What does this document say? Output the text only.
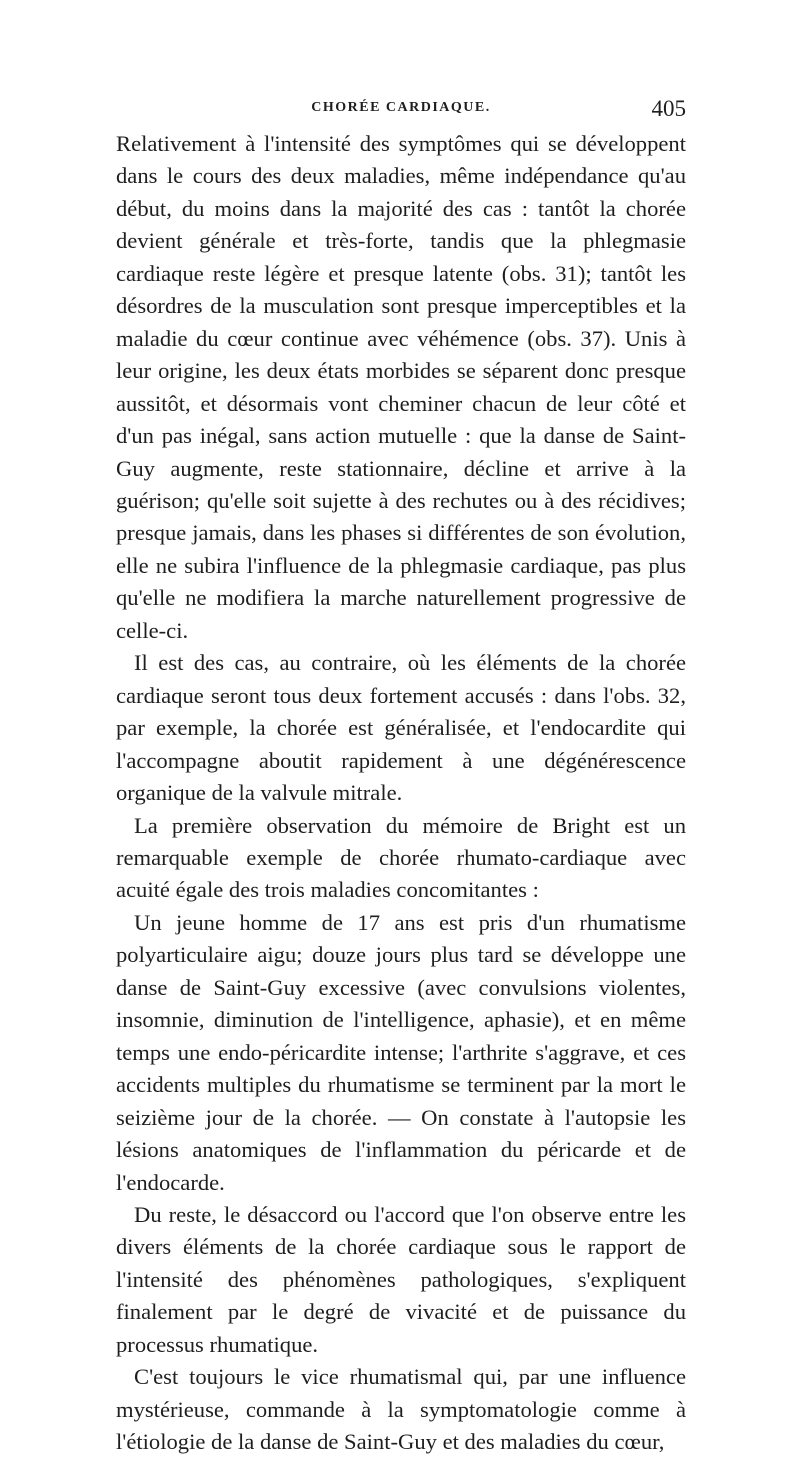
CHORÉE CARDIAQUE.	405

Relativement à l'intensité des symptômes qui se développent dans le cours des deux maladies, même indépendance qu'au début, du moins dans la majorité des cas : tantôt la chorée devient générale et très-forte, tandis que la phlegmasie cardiaque reste légère et presque latente (obs. 31); tantôt les désordres de la musculation sont presque imperceptibles et la maladie du cœur continue avec véhémence (obs. 37). Unis à leur origine, les deux états morbides se séparent donc presque aussitôt, et désormais vont cheminer chacun de leur côté et d'un pas inégal, sans action mutuelle : que la danse de Saint-Guy augmente, reste stationnaire, décline et arrive à la guérison; qu'elle soit sujette à des rechutes ou à des récidives; presque jamais, dans les phases si différentes de son évolution, elle ne subira l'influence de la phlegmasie cardiaque, pas plus qu'elle ne modifiera la marche naturellement progressive de celle-ci.

Il est des cas, au contraire, où les éléments de la chorée cardiaque seront tous deux fortement accusés : dans l'obs. 32, par exemple, la chorée est généralisée, et l'endocardite qui l'accompagne aboutit rapidement à une dégénérescence organique de la valvule mitrale.

La première observation du mémoire de Bright est un remarquable exemple de chorée rhumato-cardiaque avec acuité égale des trois maladies concomitantes :

Un jeune homme de 17 ans est pris d'un rhumatisme polyarticulaire aigu; douze jours plus tard se développe une danse de Saint-Guy excessive (avec convulsions violentes, insomnie, diminution de l'intelligence, aphasie), et en même temps une endo-péricardite intense; l'arthrite s'aggrave, et ces accidents multiples du rhumatisme se terminent par la mort le seizième jour de la chorée. — On constate à l'autopsie les lésions anatomiques de l'inflammation du péricarde et de l'endocarde.

Du reste, le désaccord ou l'accord que l'on observe entre les divers éléments de la chorée cardiaque sous le rapport de l'intensité des phénomènes pathologiques, s'expliquent finalement par le degré de vivacité et de puissance du processus rhumatique.

C'est toujours le vice rhumatismal qui, par une influence mystérieuse, commande à la symptomatologie comme à l'étiologie de la danse de Saint-Guy et des maladies du cœur,
